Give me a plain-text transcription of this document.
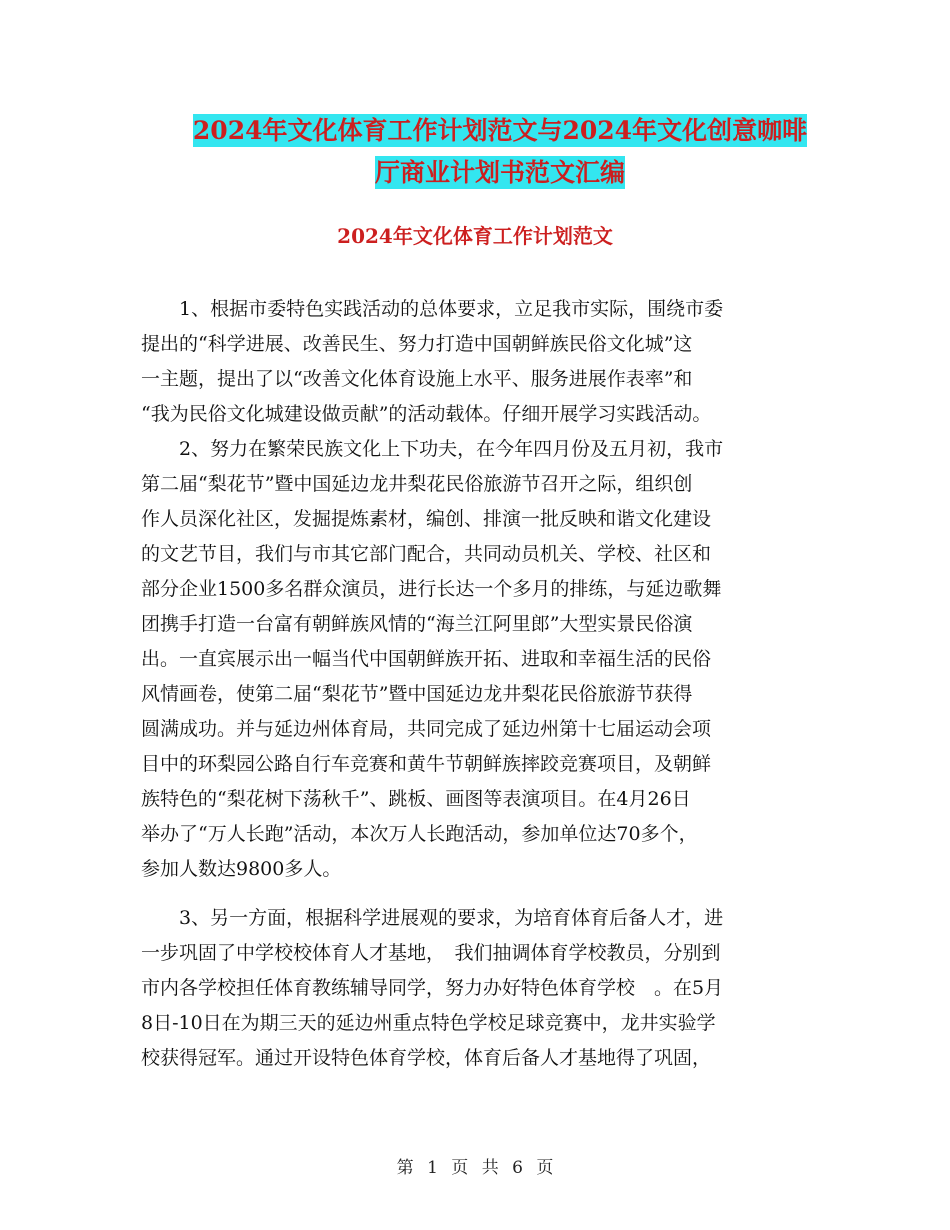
2024年文化体育工作计划范文与2024年文化创意咖啡
厅商业计划书范文汇编
2024年文化体育工作计划范文
　　1、根据市委特色实践活动的总体要求，立足我市实际，围绕市委
提出的“科学进展、改善民生、努力打造中国朝鲜族民俗文化城”这
一主题，提出了以“改善文化体育设施上水平、服务进展作表率”和
“我为民俗文化城建设做贡献”的活动载体。仔细开展学习实践活动。
　　2、努力在繁荣民族文化上下功夫，在今年四月份及五月初，我市
第二届“梨花节”暨中国延边龙井梨花民俗旅游节召开之际，组织创
作人员深化社区，发掘提炼素材，编创、排演一批反映和谐文化建设
的文艺节目，我们与市其它部门配合，共同动员机关、学校、社区和
部分企业1500多名群众演员，进行长达一个多月的排练，与延边歌舞
团携手打造一台富有朝鲜族风情的“海兰江阿里郎”大型实景民俗演
出。一直宾展示出一幅当代中国朝鲜族开拓、进取和幸福生活的民俗
风情画卷，使第二届“梨花节”暨中国延边龙井梨花民俗旅游节获得
圆满成功。并与延边州体育局，共同完成了延边州第十七届运动会项
目中的环梨园公路自行车竞赛和黄牛节朝鲜族摔跤竞赛项目，及朝鲜
族特色的“梨花树下荡秋千”、跳板、画图等表演项目。在4月26日
举办了“万人长跑”活动，本次万人长跑活动，参加单位达70多个，
参加人数达9800多人。
　　3、另一方面，根据科学进展观的要求，为培育体育后备人才，进
一步巩固了中学校校体育人才基地，　我们抽调体育学校教员，分别到
市内各学校担任体育教练辅导同学，努力办好特色体育学校　。在5月
8日-10日在为期三天的延边州重点特色学校足球竞赛中，龙井实验学
校获得冠军。通过开设特色体育学校，体育后备人才基地得了巩固，
第 1 页 共 6 页
